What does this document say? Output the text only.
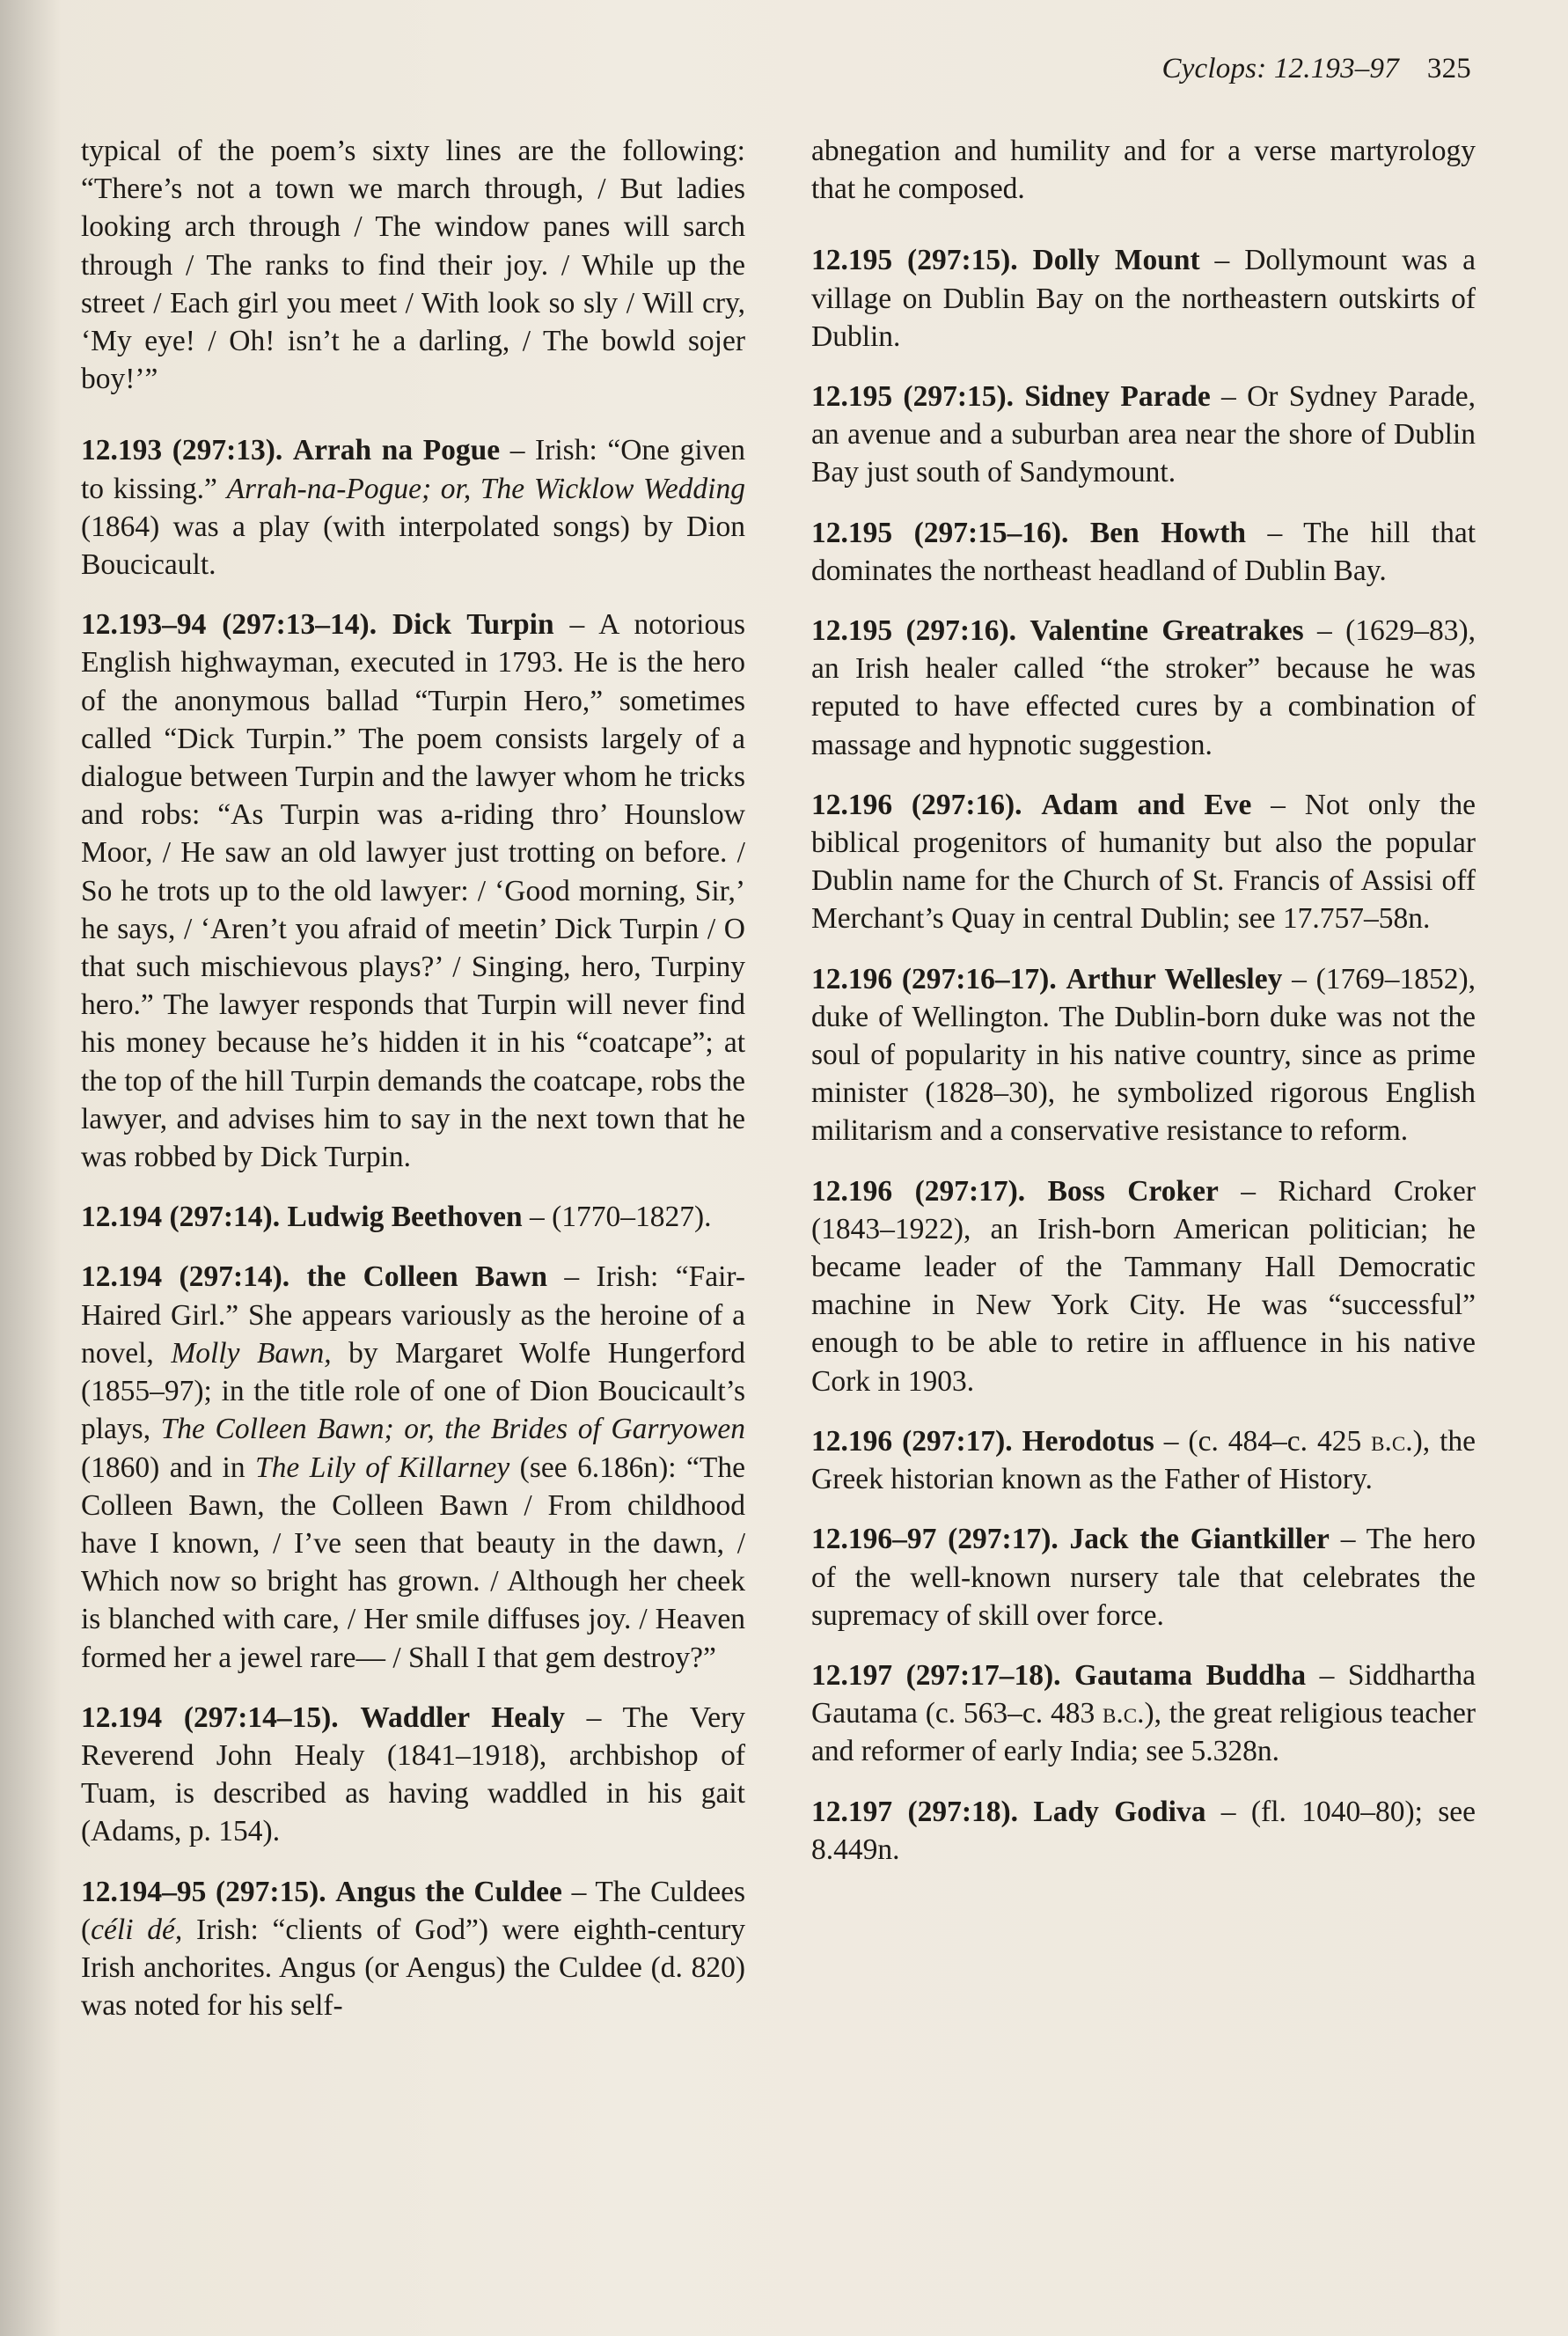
Cyclops: 12.193–97 325

typical of the poem’s sixty lines are the following: “There’s not a town we march through, / But ladies looking arch through / The window panes will sarch through / The ranks to find their joy. / While up the street / Each girl you meet / With look so sly / Will cry, ‘My eye! / Oh! isn’t he a darling, / The bowld sojer boy!’”

12.193 (297:13). Arrah na Pogue – Irish: “One given to kissing.” Arrah-na-Pogue; or, The Wicklow Wedding (1864) was a play (with interpolated songs) by Dion Boucicault.

12.193–94 (297:13–14). Dick Turpin – A notorious English highwayman, executed in 1793. He is the hero of the anonymous ballad “Turpin Hero,” sometimes called “Dick Turpin.” The poem consists largely of a dialogue between Turpin and the lawyer whom he tricks and robs: “As Turpin was a-riding thro’ Hounslow Moor, / He saw an old lawyer just trotting on before. / So he trots up to the old lawyer: / ‘Good morning, Sir,’ he says, / ‘Aren’t you afraid of meetin’ Dick Turpin / O that such mischievous plays?’ / Singing, hero, Turpiny hero.” The lawyer responds that Turpin will never find his money because he’s hidden it in his “coatcape”; at the top of the hill Turpin demands the coatcape, robs the lawyer, and advises him to say in the next town that he was robbed by Dick Turpin.

12.194 (297:14). Ludwig Beethoven – (1770–1827).

12.194 (297:14). the Colleen Bawn – Irish: “Fair-Haired Girl.” She appears variously as the heroine of a novel, Molly Bawn, by Margaret Wolfe Hungerford (1855–97); in the title role of one of Dion Boucicault’s plays, The Colleen Bawn; or, the Brides of Garryowen (1860) and in The Lily of Killarney (see 6.186n): “The Colleen Bawn, the Colleen Bawn / From childhood have I known, / I’ve seen that beauty in the dawn, / Which now so bright has grown. / Although her cheek is blanched with care, / Her smile diffuses joy. / Heaven formed her a jewel rare— / Shall I that gem destroy?”

12.194 (297:14–15). Waddler Healy – The Very Reverend John Healy (1841–1918), archbishop of Tuam, is described as having waddled in his gait (Adams, p. 154).

12.194–95 (297:15). Angus the Culdee – The Culdees (céli dé, Irish: “clients of God”) were eighth-century Irish anchorites. Angus (or Aengus) the Culdee (d. 820) was noted for his self-

abnegation and humility and for a verse martyrology that he composed.

12.195 (297:15). Dolly Mount – Dollymount was a village on Dublin Bay on the northeastern outskirts of Dublin.

12.195 (297:15). Sidney Parade – Or Sydney Parade, an avenue and a suburban area near the shore of Dublin Bay just south of Sandymount.

12.195 (297:15–16). Ben Howth – The hill that dominates the northeast headland of Dublin Bay.

12.195 (297:16). Valentine Greatrakes – (1629–83), an Irish healer called “the stroker” because he was reputed to have effected cures by a combination of massage and hypnotic suggestion.

12.196 (297:16). Adam and Eve – Not only the biblical progenitors of humanity but also the popular Dublin name for the Church of St. Francis of Assisi off Merchant’s Quay in central Dublin; see 17.757–58n.

12.196 (297:16–17). Arthur Wellesley – (1769–1852), duke of Wellington. The Dublin-born duke was not the soul of popularity in his native country, since as prime minister (1828–30), he symbolized rigorous English militarism and a conservative resistance to reform.

12.196 (297:17). Boss Croker – Richard Croker (1843–1922), an Irish-born American politician; he became leader of the Tammany Hall Democratic machine in New York City. He was “successful” enough to be able to retire in affluence in his native Cork in 1903.

12.196 (297:17). Herodotus – (c. 484–c. 425 b.c.), the Greek historian known as the Father of History.

12.196–97 (297:17). Jack the Giantkiller – The hero of the well-known nursery tale that celebrates the supremacy of skill over force.

12.197 (297:17–18). Gautama Buddha – Siddhartha Gautama (c. 563–c. 483 b.c.), the great religious teacher and reformer of early India; see 5.328n.

12.197 (297:18). Lady Godiva – (fl. 1040–80); see 8.449n.
